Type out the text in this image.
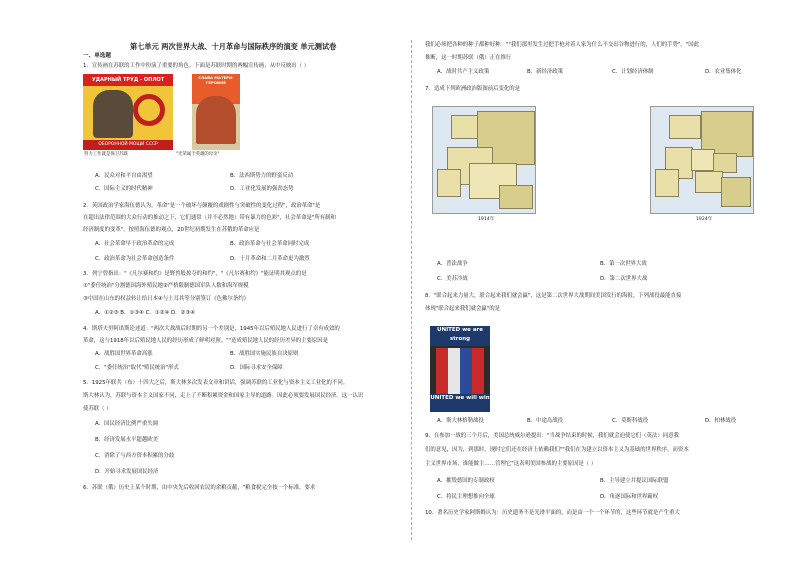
第七单元 两次世界大战、十月革命与国际秩序的演变 单元测试卷
一、单选题
1．宣传画在苏联的工作中扮演了重要的角色。下面是苏联时期的两幅宣传画，从中反映出（ ）
УДАРНЫЙ ТРУД - ОПЛОТ
ОБОРОННОЙ МОЩИ СССР
СЛАВА МАТЕРИ-ГЕРОИНЕ
努力工作就是保卫苏联	"光荣属于英雄的母亲"
A．民众对和平自由渴望	B．法西斯势力的野蛮反动
C．国际主义的时代精神	D．工业化发展的强劲态势
2．英国政治学家海伍德认为，革命"是一个破坏与颠覆的戏剧性与突破性的变化过程"，政治革命"是
在超出法律范围的大众行动的推动之下，它们通常（并不必然地）带有暴力的色彩"，社会革命是"所有制和
经济制度的变革"。按照海伍德的观点，20世纪初期发生在苏俄的革命应是
A．社会革命早于政治革命的完成	B．政治革命与社会革命同时完成
C．政治革命为社会革命创造条件	D．十月革命和二月革命更为激烈
3．列宁曾指出："《凡尔赛和约》是野兽般掠夺的和约"，"《凡尔赛和约》"能证明其观点的是
①"委任统治"分割德国海外殖民地②严格限制德国军队人数和海军规模
③中国在山东的权益转让给日本④与土耳其等分别签订《色佛尔条约》
A．①②③ B．①③④ C．①②④ D．②③④
4．斯塔夫里阿诺斯论述道："两次大战战后时期的另一个差别是，1945年以后殖民地人民进行了卓有成效的
革命，这与1918年以后殖民地人民的经历形成了鲜明对照。""造成殖民地人民的经历差异的主要原因是
A．战胜国世界革命高涨	B．战胜国实施民族自决原则
C．"委任统治"取代"殖民统治"形式	D．国际寻求安全保障
5．1925年联共（布）十四大之后，斯大林多次发表文章和讲话，强调苏联的工业化与资本主义工业化的不同。
斯大林认为，苏联与资本主义国家不同，走上了不断积累资金和国家主导的道路。因此必须要发展国民经济。这一认识
使苏联（ ）
A．国民经济比例严重失调
B．经济发展水平超越欧美
C．消除了与西方资本积累的分歧
D．开始寻求发展国民经济
6．苏联（俄）历史上某个时期，由中央先后收回农民的余粮贡献，"粮食税完全按一个标准，要求
我们必须把各种的种子都种好种。""我们那里发生过把手枪对着人家为什么不交出谷物进行的，人们的手势"。"国此
推断，这一时期苏联（俄）正在推行
A．战时共产主义政策	B．新经济政策	C．计划经济体制	D．农业集体化
7．造成下列欧洲政治版图前后变化的是
1914年	1924年
A．普法战争	B．第一次世界大战
C．美苏冷战	D．第二次世界大战
8．"联合起来力量大，联合起来我们就会赢"，这是第二次世界大战期间美国发行的海报。下列战役最能直接
体现"联合起来我们就会赢"的是
UNITED we are strong
UNITED we will win
A．斯大林格勒战役	B．中途岛战役	C．莫斯科战役	D．柏林战役
9．在参加一战的三个月后，美国总统威尔逊提出："当战争结束的时候，我们就会迫使它们（英法）同意我
们的意见，因为，到那时，现时它们还在经济上依赖我们""我们在为建立以资本主义为基础的世界秩序，而资本
主义世界市场，谁能做主……管理它"这表明美国参战的主要原因是（ ）
A．摧毁德国的专制政权	B．主导建立并提议国际联盟
C．将民主理想推向全球	D．角逐国际和世界霸权
10．著名历史学家阿斯姆认为：历史遗务不是光滑平面的，而是由一个一个环节的，这些环节就是产生重大
